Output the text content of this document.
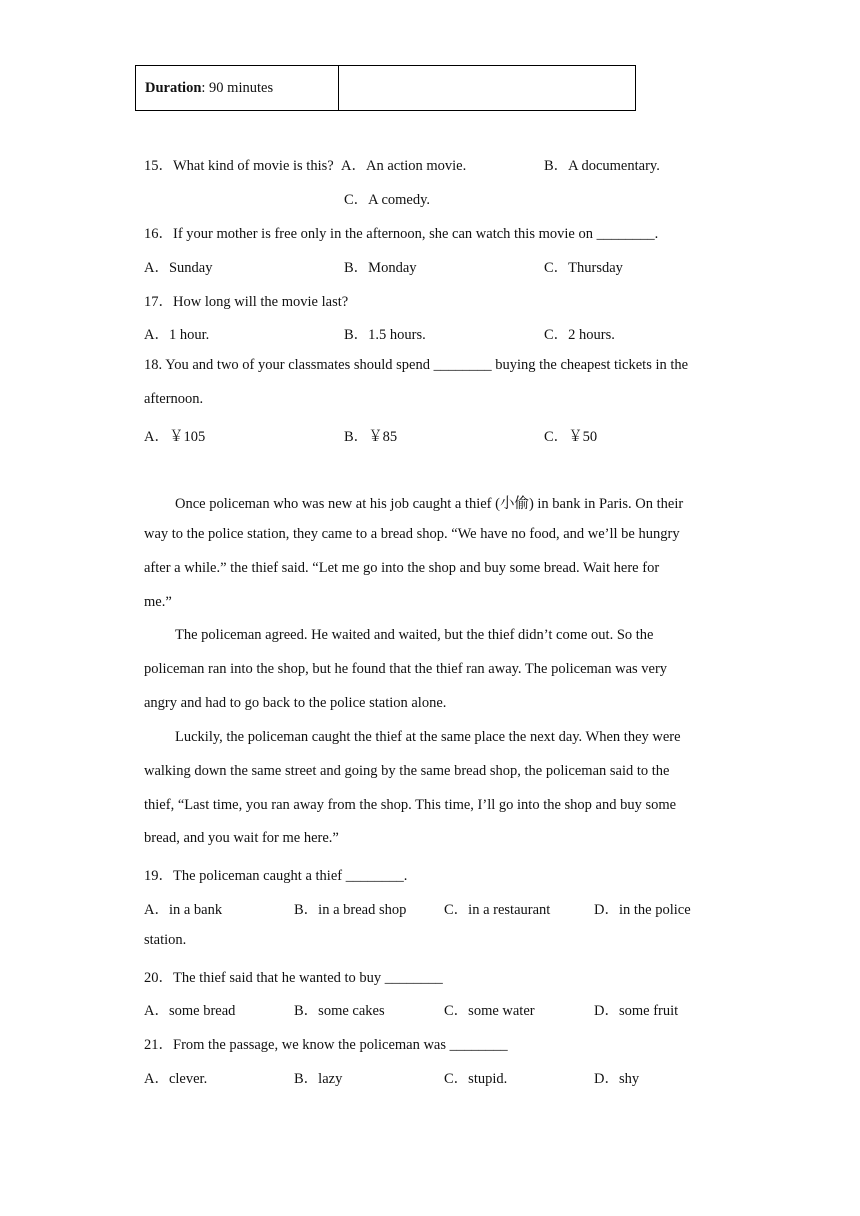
Duration: 90 minutes	
15．What kind of movie is this? A．An action movie.	B．A documentary.
C．A comedy.
16．If your mother is free only in the afternoon, she can watch this movie on ________.
A．Sunday	B．Monday	C．Thursday
17．How long will the movie last?
A．1 hour.	B．1.5 hours.	C．2 hours.
18. You and two of your classmates should spend ________ buying the cheapest tickets in the
afternoon.
A．￥105	B．￥85	C．￥50
Once policeman who was new at his job caught a thief (小偷) in bank in Paris. On their
way to the police station, they came to a bread shop. “We have no food, and we’ll be hungry
after a while.” the thief said. “Let me go into the shop and buy some bread. Wait here for
me.”
The policeman agreed. He waited and waited, but the thief didn’t come out. So the
policeman ran into the shop, but he found that the thief ran away. The policeman was very
angry and had to go back to the police station alone.
Luckily, the policeman caught the thief at the same place the next day. When they were
walking down the same street and going by the same bread shop, the policeman said to the
thief, “Last time, you ran away from the shop. This time, I’ll go into the shop and buy some
bread, and you wait for me here.”
19．The policeman caught a thief ________.
A．in a bank	B．in a bread shop	C．in a restaurant	D．in the police
station.
20．The thief said that he wanted to buy ________
A．some bread	B．some cakes	C．some water	D．some fruit
21．From the passage, we know the policeman was ________
A．clever.	B．lazy	C．stupid.	D．shy
